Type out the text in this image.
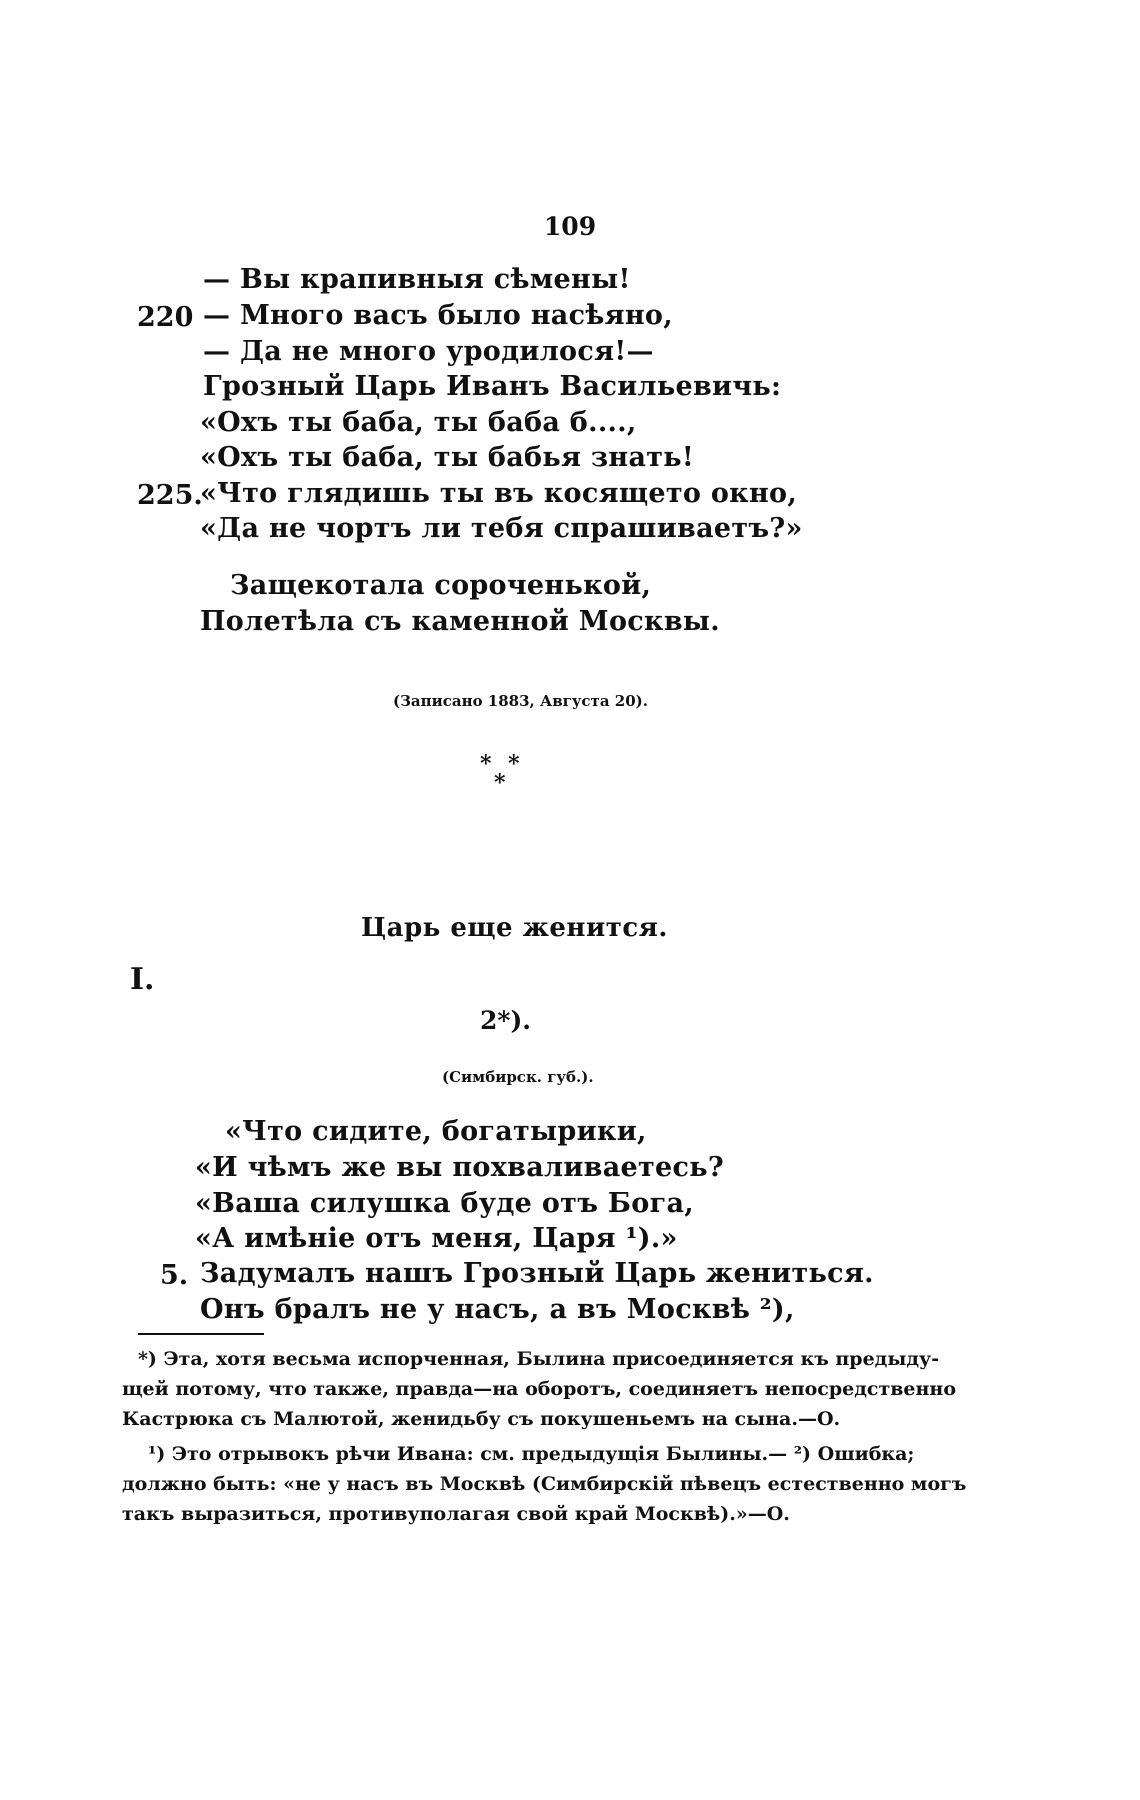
109
— Вы крапивныя сѣмены!
220 — Много васъ было насѣяно,
— Да не много уродилося!—
Грозный Царь Иванъ Васильевичь:
«Охъ ты баба, ты баба б....,
«Охъ ты баба, ты бабья знать!
225.
«Что глядишь ты въ косящето окно,
«Да не чортъ ли тебя спрашиваетъ?»
Защекотала сороченькой,
Полетѣла съ каменной Москвы.
(Записано 1883, Августа 20).
* *
*
Царь еще женится.
I.
2*).
(Симбирск. губ.).
«Что сидите, богатырики,
«И чѣмъ же вы похваливаетесь?
«Ваша силушка буде отъ Бога,
«А имѣніе отъ меня, Царя ¹).»
5. Задумалъ нашъ Грозный Царь жениться.
Онъ бралъ не у насъ, а въ Москвѣ ²),
*) Эта, хотя весьма испорченная, Былина присоединяется къ предыду-
щей потому, что также, правда—на оборотъ, соединяетъ непосредственно
Кастрюка съ Малютой, женидьбу съ покушеньемъ на сына.—О.
¹) Это отрывокъ рѣчи Ивана: см. предыдущія Былины.— ²) Ошибка;
должно быть: «не у насъ въ Москвѣ (Симбирскій пѣвецъ естественно могъ
такъ выразиться, противуполагая свой край Москвѣ).»—О.
